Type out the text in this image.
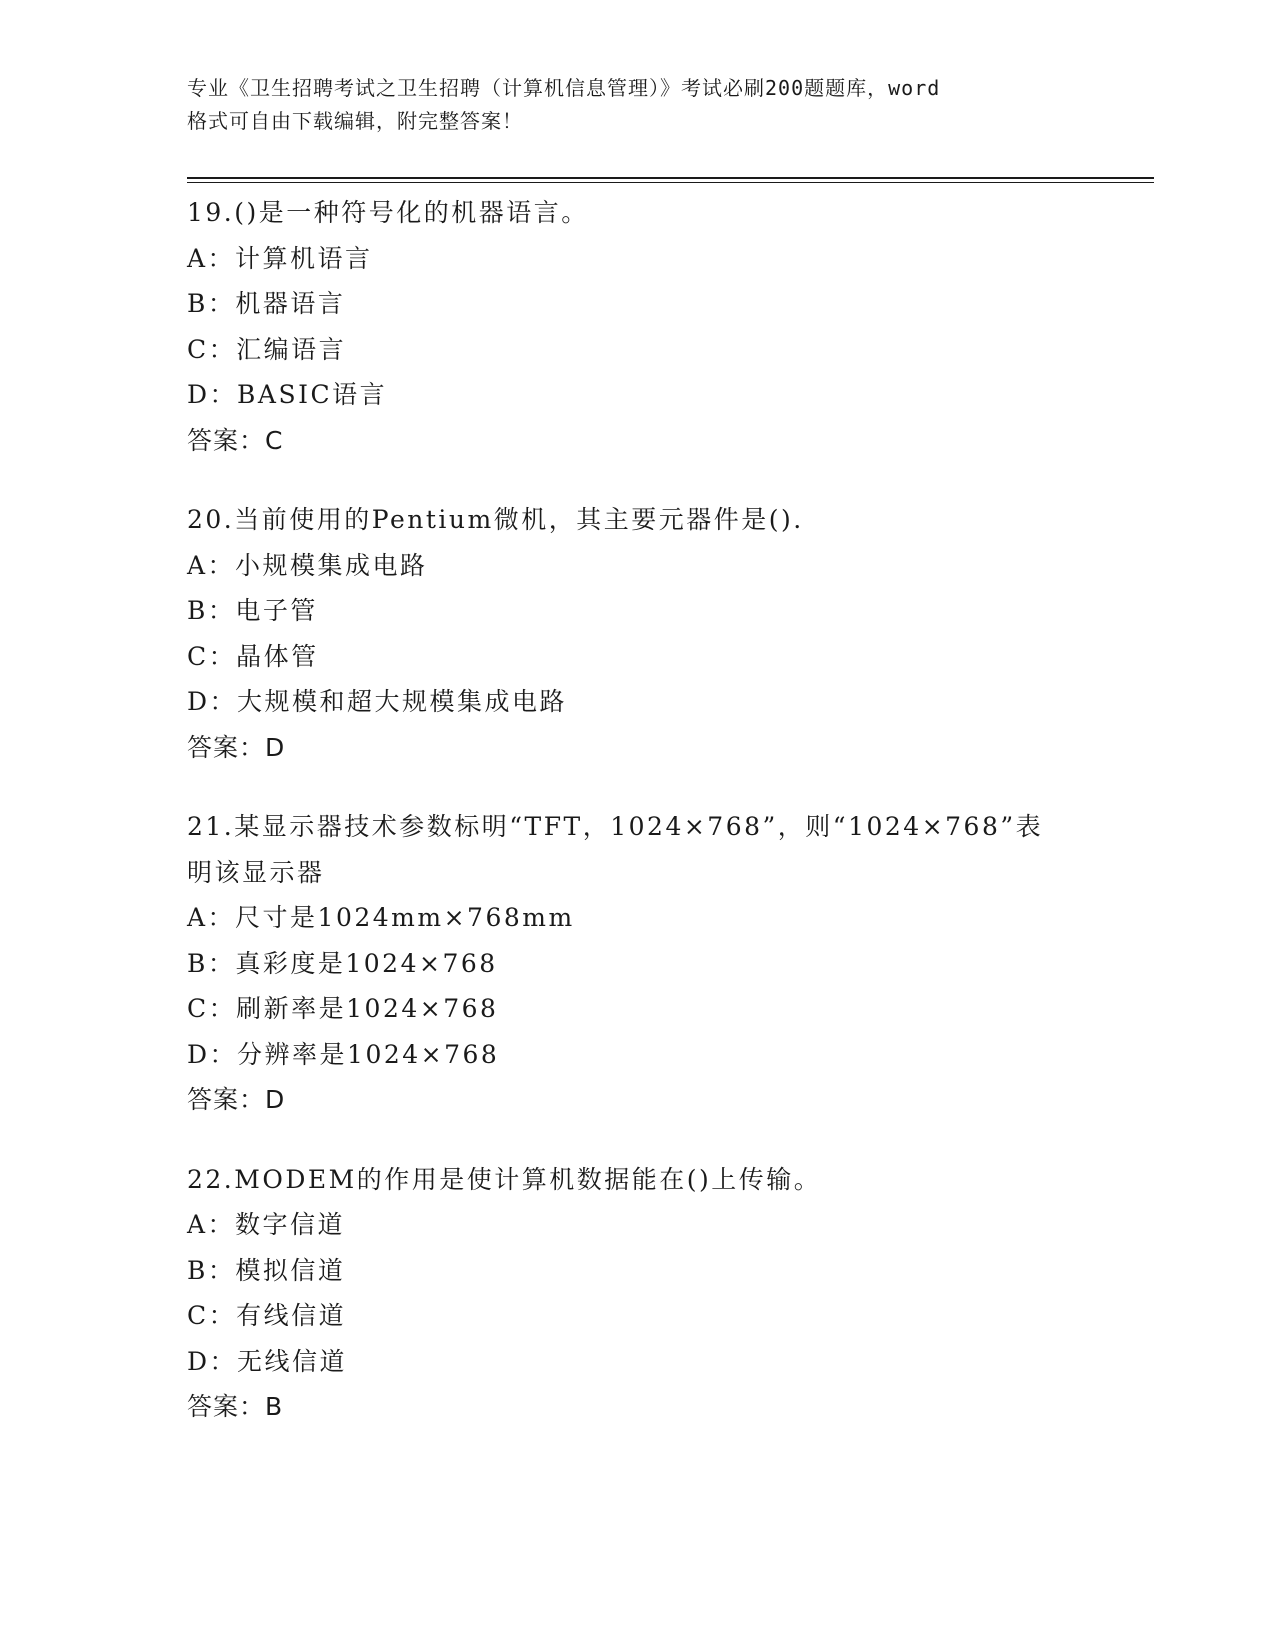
专业《卫生招聘考试之卫生招聘（计算机信息管理）》考试必刷200题题库，word
格式可自由下载编辑，附完整答案！
19.()是一种符号化的机器语言。
A：计算机语言
B：机器语言
C：汇编语言
D：BASIC语言
答案：C
20.当前使用的Pentium微机，其主要元器件是().
A：小规模集成电路
B：电子管
C：晶体管
D：大规模和超大规模集成电路
答案：D
21.某显示器技术参数标明“TFT，1024×768”，则“1024×768”表
明该显示器
A：尺寸是1024mm×768mm
B：真彩度是1024×768
C：刷新率是1024×768
D：分辨率是1024×768
答案：D
22.MODEM的作用是使计算机数据能在()上传输。
A：数字信道
B：模拟信道
C：有线信道
D：无线信道
答案：B
